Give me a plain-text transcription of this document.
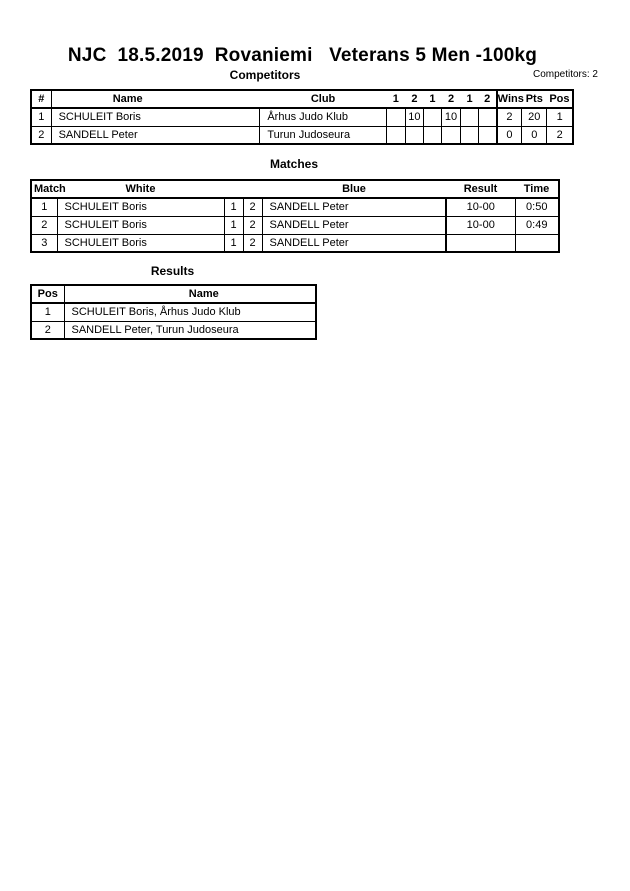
NJC  18.5.2019  Rovaniemi   Veterans 5 Men -100kg
Competitors	Competitors: 2
#	Name	Club	1	2	1	2	1	2	Wins	Pts	Pos
1	SCHULEIT Boris	Århus Judo Klub		10		10			2	20	1
2	SANDELL Peter	Turun Judoseura							0	0	2
Matches
Match	White			Blue	Result	Time
1	SCHULEIT Boris	1	2	SANDELL Peter	10-00	0:50
2	SCHULEIT Boris	1	2	SANDELL Peter	10-00	0:49
3	SCHULEIT Boris	1	2	SANDELL Peter		
Results
Pos	Name
1	SCHULEIT Boris, Århus Judo Klub
2	SANDELL Peter, Turun Judoseura
